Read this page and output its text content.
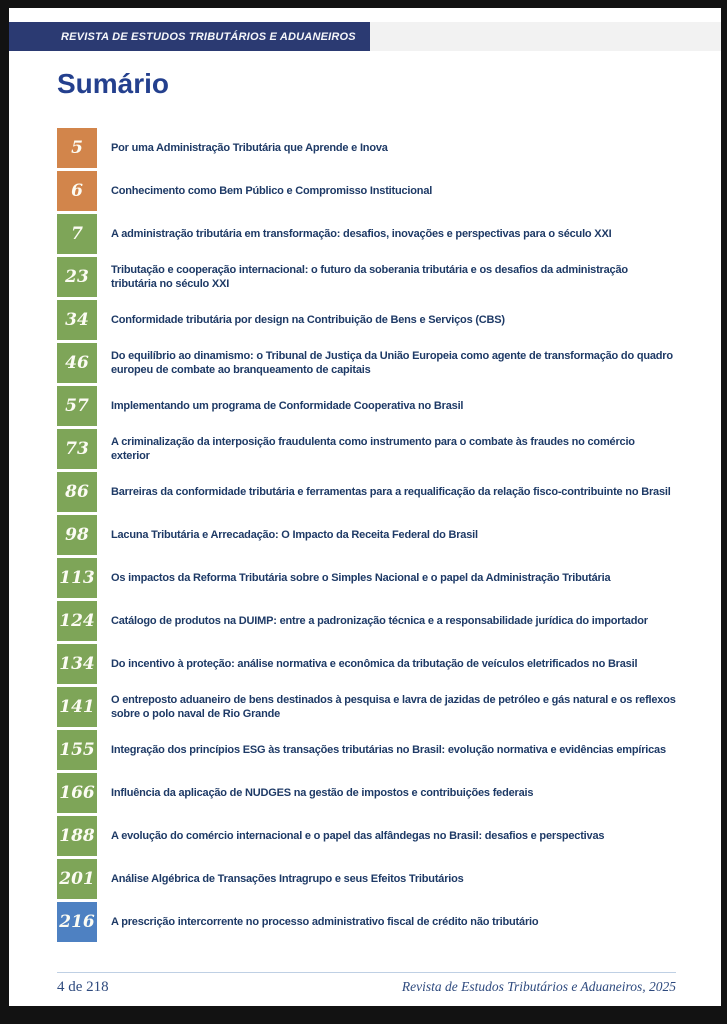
REVISTA DE ESTUDOS TRIBUTÁRIOS E ADUANEIROS
Sumário
5	Por uma Administração Tributária que Aprende e Inova
6	Conhecimento como Bem Público e Compromisso Institucional
7	A administração tributária em transformação: desafios, inovações e perspectivas para o século XXI
23	Tributação e cooperação internacional: o futuro da soberania tributária e os desafios da administração tributária no século XXI
34	Conformidade tributária por design na Contribuição de Bens e Serviços (CBS)
46	Do equilíbrio ao dinamismo: o Tribunal de Justiça da União Europeia como agente de transformação do quadro europeu de combate ao branqueamento de capitais
57	Implementando um programa de Conformidade Cooperativa no Brasil
73	A criminalização da interposição fraudulenta como instrumento para o combate às fraudes no comércio exterior
86	Barreiras da conformidade tributária e ferramentas para a requalificação da relação fisco-contribuinte no Brasil
98	Lacuna Tributária e Arrecadação: O Impacto da Receita Federal do Brasil
113 Os impactos da Reforma Tributária sobre o Simples Nacional e o papel da Administração Tributária
124 Catálogo de produtos na DUIMP: entre a padronização técnica e a responsabilidade jurídica do importador
134 Do incentivo à proteção: análise normativa e econômica da tributação de veículos eletrificados no Brasil
141 O entreposto aduaneiro de bens destinados à pesquisa e lavra de jazidas de petróleo e gás natural e os reflexos sobre o polo naval de Rio Grande
155 Integração dos princípios ESG às transações tributárias no Brasil: evolução normativa e evidências empíricas
166 Influência da aplicação de NUDGES na gestão de impostos e contribuições federais
188 A evolução do comércio internacional e o papel das alfândegas no Brasil: desafios e perspectivas
201 Análise Algébrica de Transações Intragrupo e seus Efeitos Tributários
216 A prescrição intercorrente no processo administrativo fiscal de crédito não tributário
4 de 218	Revista de Estudos Tributários e Aduaneiros, 2025
